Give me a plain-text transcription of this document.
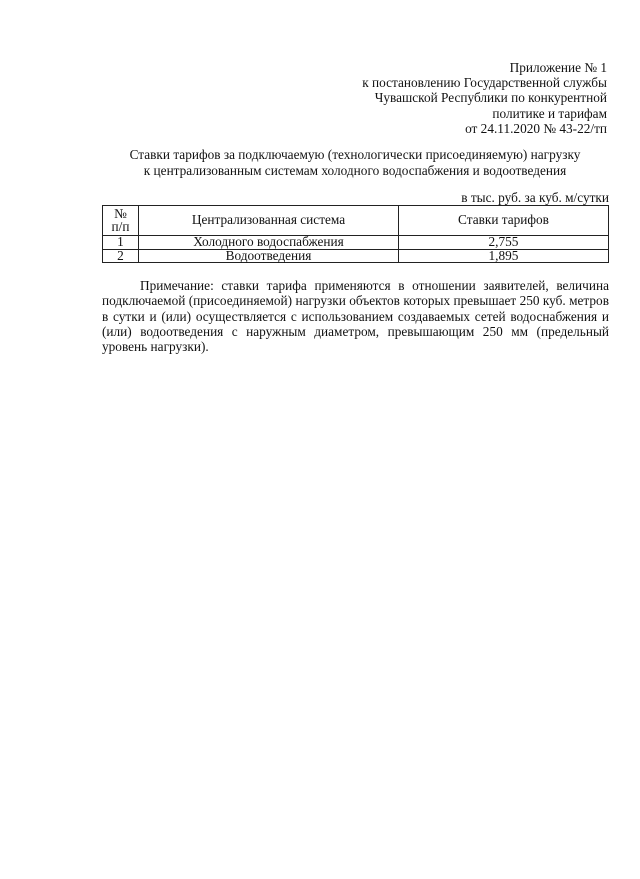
Приложение № 1
к постановлению Государственной службы
Чувашской Республики по конкурентной
политике и тарифам
от 24.11.2020 № 43-22/тп
Ставки тарифов за подключаемую (технологически присоединяемую) нагрузку
к централизованным системам холодного водоспабжения и водоотведения
в тыс. руб. за куб. м/сутки
№
п/п	Централизованная система	Ставки тарифов
1	Холодного водоспабжения	2,755
2	Водоотведения	1,895

Примечание: ставки тарифа применяются в отношении заявителей, величина подключаемой (присоединяемой) нагрузки объектов которых превышает 250 куб. метров в сутки и (или) осуществляется с использованием создаваемых сетей водоснабжения и (или) водоотведения с наружным диаметром, превышающим 250 мм (предельный уровень нагрузки).
